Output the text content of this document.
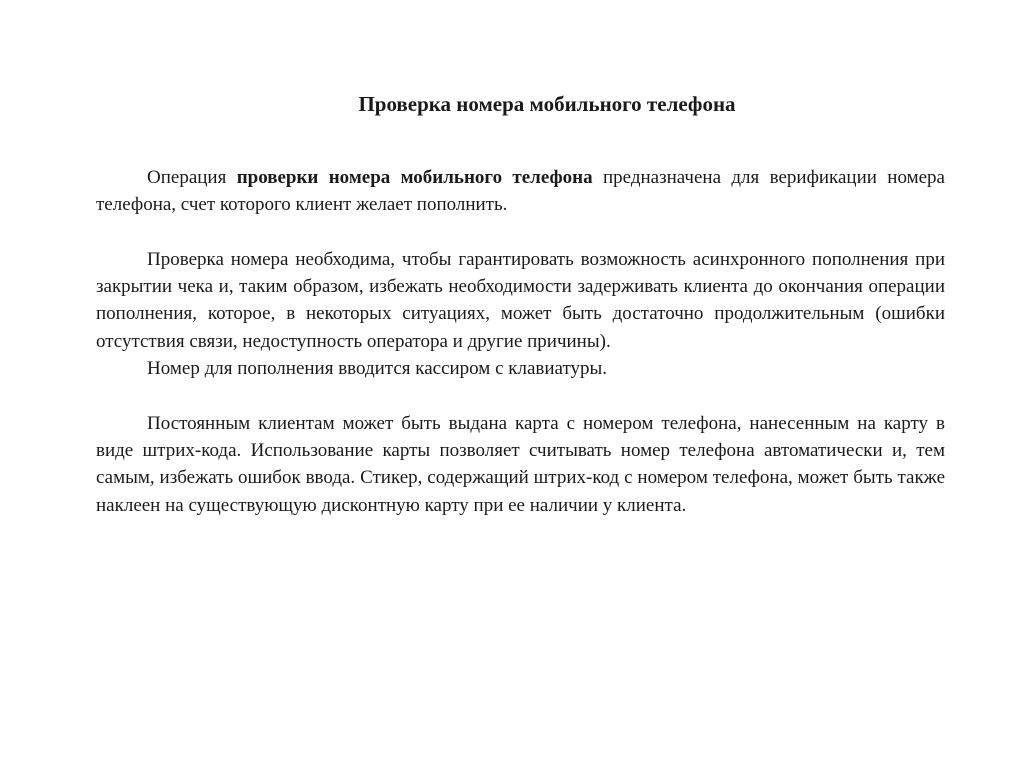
Проверка номера мобильного телефона

Операция проверки номера мобильного телефона предназначена для верификации номера телефона, счет которого клиент желает пополнить.

Проверка номера необходима, чтобы гарантировать возможность асинхронного пополнения при закрытии чека и, таким образом, избежать необходимости задерживать клиента до окончания операции пополнения, которое, в некоторых ситуациях, может быть достаточно продолжительным (ошибки отсутствия связи, недоступность оператора и другие причины).

Номер для пополнения вводится кассиром с клавиатуры.

Постоянным клиентам может быть выдана карта с номером телефона, нанесенным на карту в виде штрих-кода. Использование карты позволяет считывать номер телефона автоматически и, тем самым, избежать ошибок ввода. Стикер, содержащий штрих-код с номером телефона, может быть также наклеен на существующую дисконтную карту при ее наличии у клиента.
